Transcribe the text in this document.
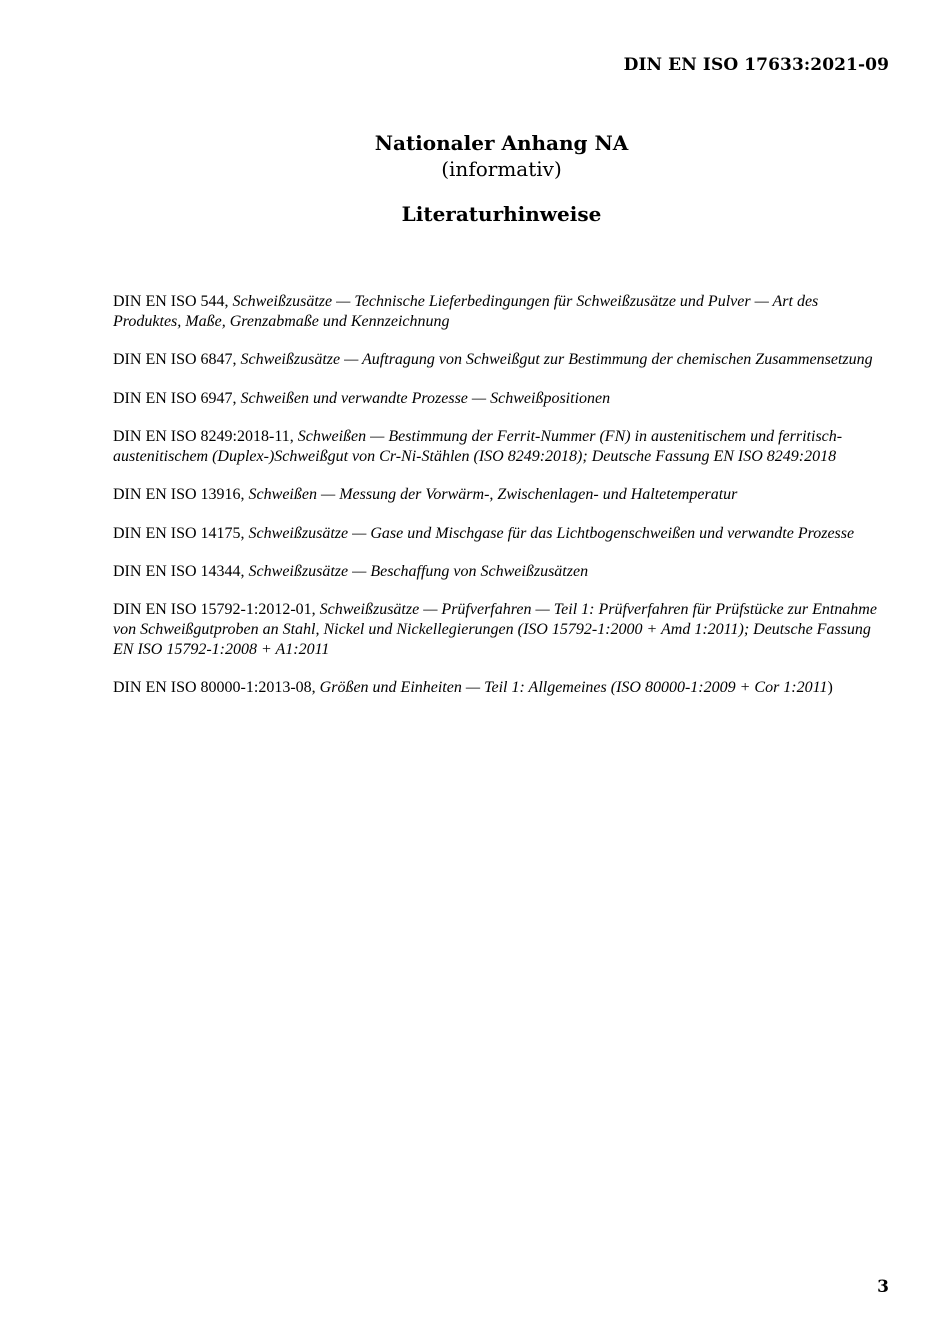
DIN EN ISO 17633:2021-09
Nationaler Anhang NA
(informativ)
Literaturhinweise
DIN EN ISO 544, Schweißzusätze — Technische Lieferbedingungen für Schweißzusätze und Pulver — Art des Produktes, Maße, Grenzabmaße und Kennzeichnung
DIN EN ISO 6847, Schweißzusätze — Auftragung von Schweißgut zur Bestimmung der chemischen Zusammensetzung
DIN EN ISO 6947, Schweißen und verwandte Prozesse — Schweißpositionen
DIN EN ISO 8249:2018-11, Schweißen — Bestimmung der Ferrit-Nummer (FN) in austenitischem und ferritisch-austenitischem (Duplex-)Schweißgut von Cr-Ni-Stählen (ISO 8249:2018); Deutsche Fassung EN ISO 8249:2018
DIN EN ISO 13916, Schweißen — Messung der Vorwärm-, Zwischenlagen- und Haltetemperatur
DIN EN ISO 14175, Schweißzusätze — Gase und Mischgase für das Lichtbogenschweißen und verwandte Prozesse
DIN EN ISO 14344, Schweißzusätze — Beschaffung von Schweißzusätzen
DIN EN ISO 15792-1:2012-01, Schweißzusätze — Prüfverfahren — Teil 1: Prüfverfahren für Prüfstücke zur Entnahme von Schweißgutproben an Stahl, Nickel und Nickellegierungen (ISO 15792-1:2000 + Amd 1:2011); Deutsche Fassung EN ISO 15792-1:2008 + A1:2011
DIN EN ISO 80000-1:2013-08, Größen und Einheiten — Teil 1: Allgemeines (ISO 80000-1:2009 + Cor 1:2011)
3
